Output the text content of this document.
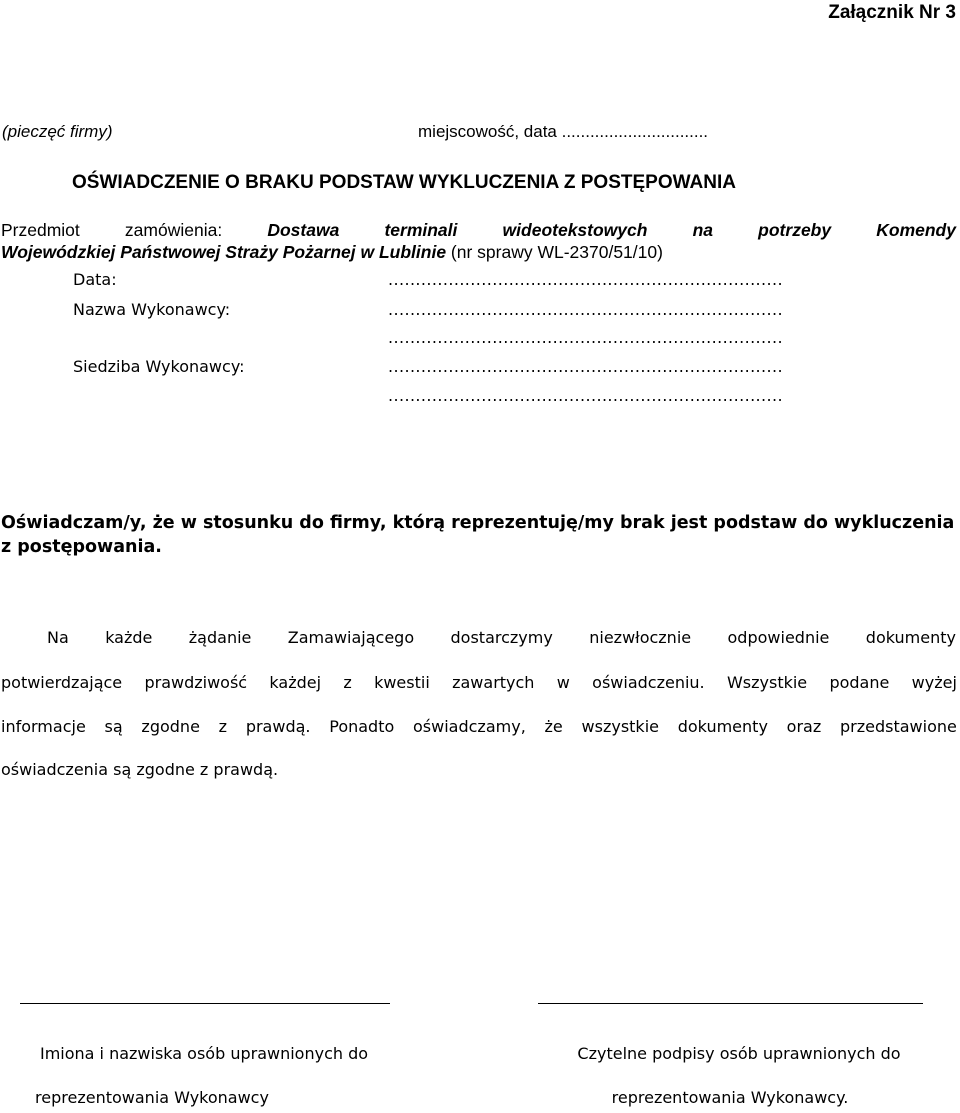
Załącznik Nr 3
(pieczęć firmy)	miejscowość, data ...............................
OŚWIADCZENIE O BRAKU PODSTAW WYKLUCZENIA Z POSTĘPOWANIA
Przedmiot	zamówienia:	Dostawa	terminali	wideotekstowych	na	potrzeby	Komendy
Wojewódzkiej Państwowej Straży Pożarnej w Lublinie (nr sprawy WL-2370/51/10)
Data:	........................................................................
Nazwa Wykonawcy:	........................................................................
........................................................................
Siedziba Wykonawcy:	........................................................................
........................................................................
Oświadczam/y, że w stosunku do firmy, którą reprezentuję/my brak jest podstaw do wykluczenia z postępowania.
Na każde żądanie Zamawiającego dostarczymy niezwłocznie odpowiednie dokumenty
potwierdzające prawdziwość każdej z kwestii zawartych w oświadczeniu. Wszystkie podane wyżej
informacje są zgodne z prawdą. Ponadto oświadczamy, że wszystkie dokumenty oraz przedstawione
oświadczenia są zgodne z prawdą.
Imiona i nazwiska osób uprawnionych do
reprezentowania Wykonawcy
Czytelne podpisy osób uprawnionych do
reprezentowania Wykonawcy.
